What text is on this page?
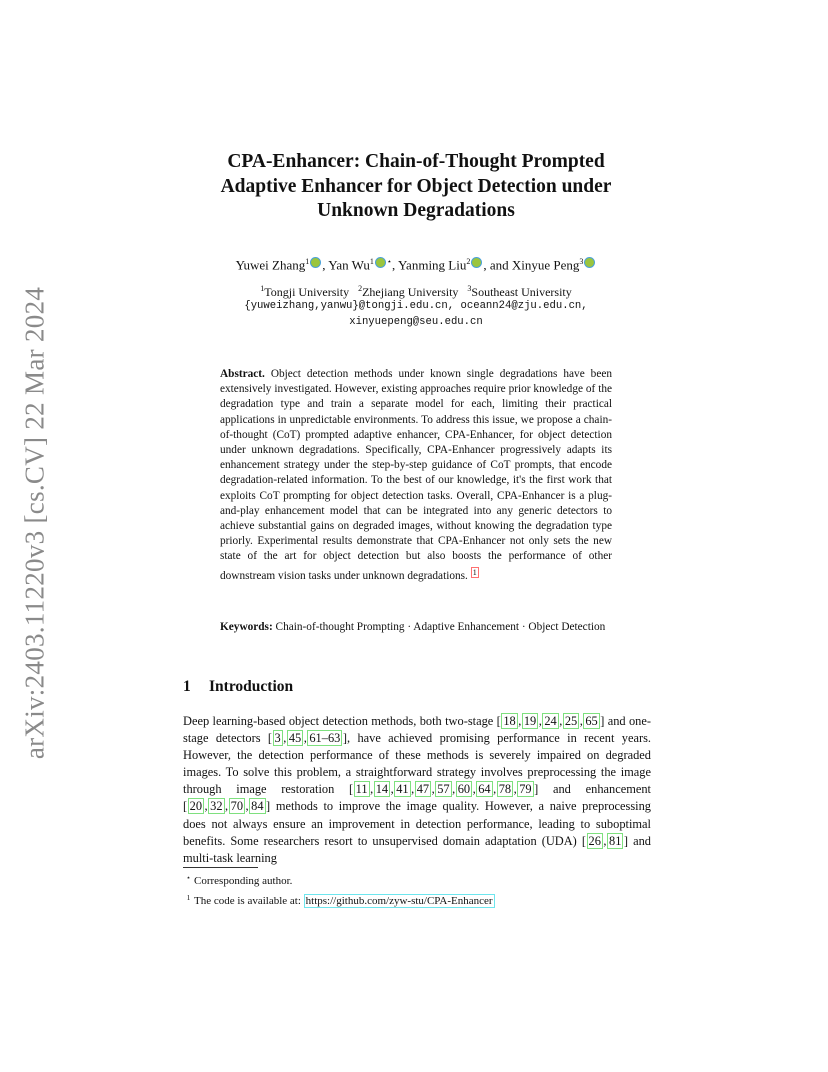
arXiv:2403.11220v3 [cs.CV] 22 Mar 2024
CPA-Enhancer: Chain-of-Thought Prompted
Adaptive Enhancer for Object Detection under
Unknown Degradations
Yuwei Zhang$^1$ , Yan Wu$^1$ ⋆, Yanming Liu$^2$ , and Xinyue Peng$^3$
$^1$Tongji University $^2$Zhejiang University $^3$Southeast University
{yuweizhang,yanwu}@tongji.edu.cn, oceann24@zju.edu.cn,
xinyuepeng@seu.edu.cn
Abstract. Object detection methods under known single degradations have been extensively investigated. However, existing approaches require prior knowledge of the degradation type and train a separate model for each, limiting their practical applications in unpredictable environments. To address this issue, we propose a chain-of-thought (CoT) prompted adaptive enhancer, CPA-Enhancer, for object detection under unknown degradations. Specifically, CPA-Enhancer progressively adapts its enhancement strategy under the step-by-step guidance of CoT prompts, that encode degradation-related information. To the best of our knowledge, it's the first work that exploits CoT prompting for object detection tasks. Overall, CPA-Enhancer is a plug-and-play enhancement model that can be integrated into any generic detectors to achieve substantial gains on degraded images, without knowing the degradation type priorly. Experimental results demonstrate that CPA-Enhancer not only sets the new state of the art for object detection but also boosts the performance of other downstream vision tasks under unknown degradations. $^1$
Keywords: Chain-of-thought Prompting · Adaptive Enhancement · Object Detection
1 Introduction
Deep learning-based object detection methods, both two-stage [ 18 , 19 , 24 , 25 , 65 ] and one-stage detectors [ 3 , 45 , 61–63 ], have achieved promising performance in recent years. However, the detection performance of these methods is severely impaired on degraded images. To solve this problem, a straightforward strategy involves preprocessing the image through image restoration [ 11 , 14 , 41 , 47 , 57 , 60 , 64 , 78 , 79 ] and enhancement [ 20 , 32 , 70 , 84 ] methods to improve the image quality. However, a naive preprocessing does not always ensure an improvement in detection performance, leading to suboptimal benefits. Some researchers resort to unsupervised domain adaptation (UDA) [ 26 , 81 ] and multi-task learning
⋆ Corresponding author.
1 The code is available at: https://github.com/zyw-stu/CPA-Enhancer
